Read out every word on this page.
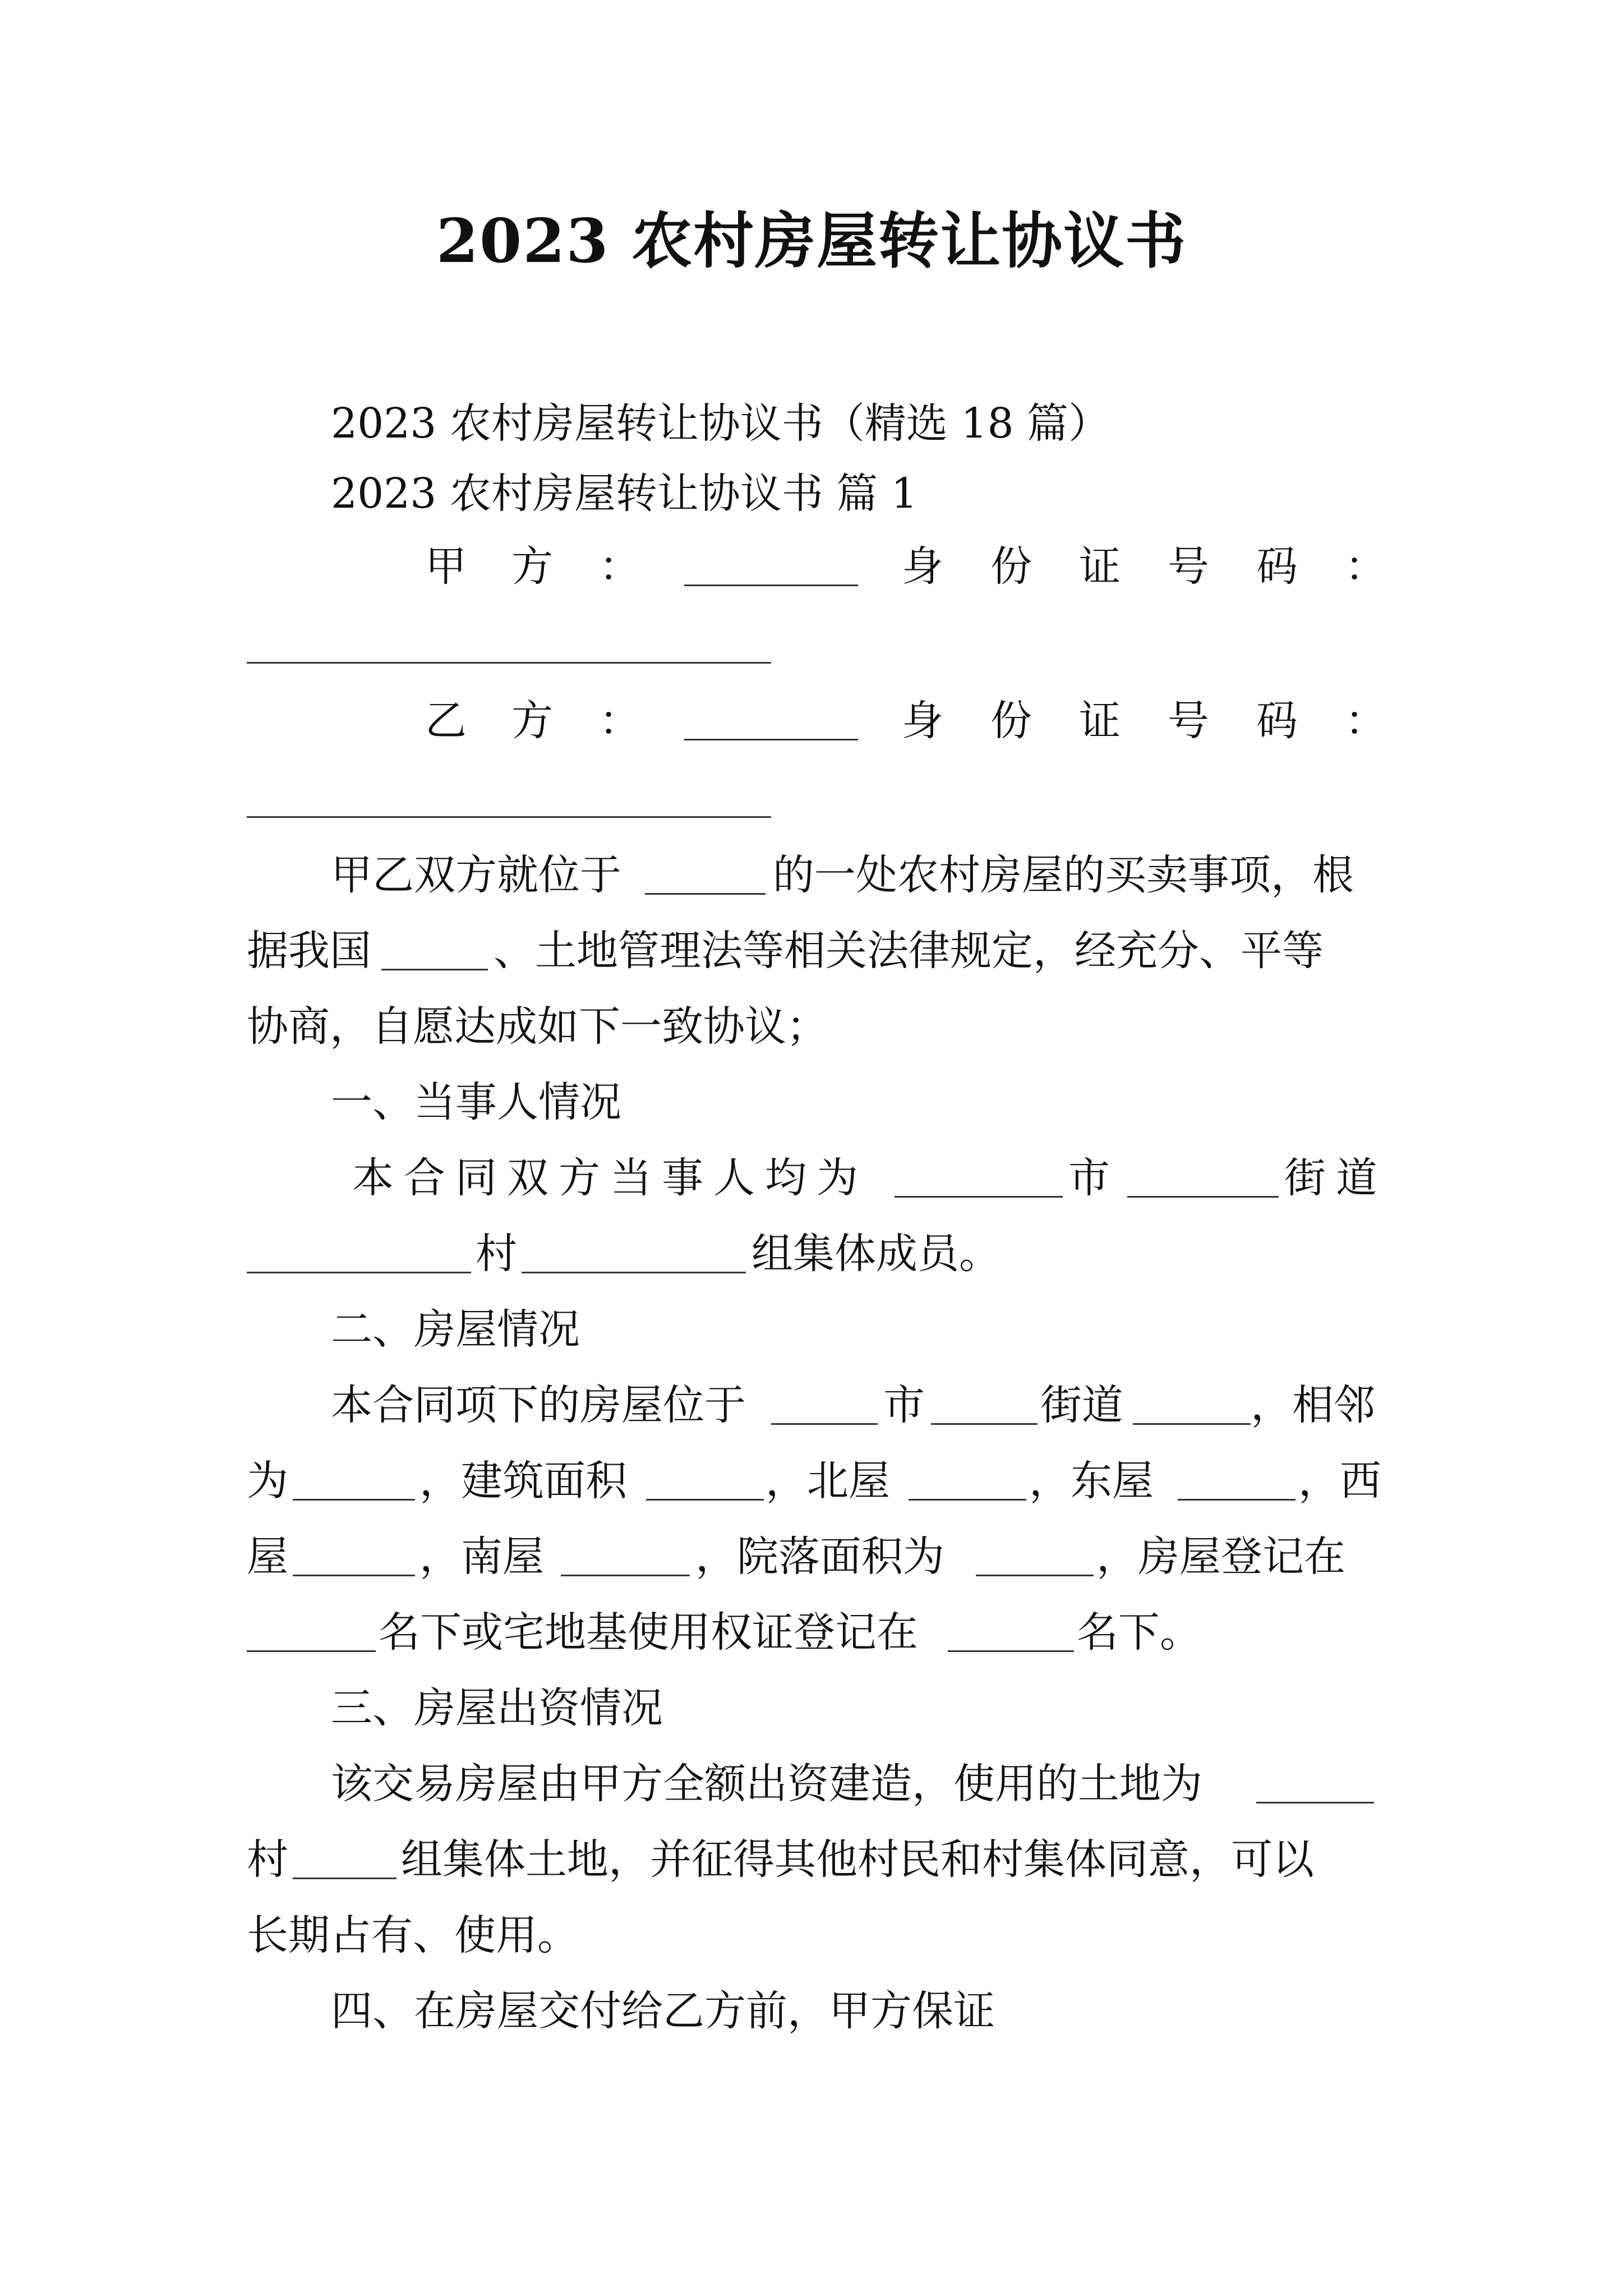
2023 农村房屋转让协议书

2023 农村房屋转让协议书（精选 18 篇）

2023 农村房屋转让协议书 篇 1

甲

方

：

	身

份

证

号

码

：

乙

方

：

	身

份

证

号

码

：

甲乙双方就位于

	的一处农村房屋的买卖事项，根

据我国

	、土地管理法等相关法律规定，经充分、平等

协商，自愿达成如下一致协议；

一、当事人情况

本合同双方当事人均为

	市

	街道

村

	组集体成员。

二、房屋情况

本合同项下的房屋位于

	市

	街道

	，相邻

为

	，建筑面积

	，北屋

	，东屋

	，西

屋

	，南屋

	，院落面积为

	，房屋登记在

名下或宅地基使用权证登记在

	名下。

三、房屋出资情况

该交易房屋由甲方全额出资建造，使用的土地为

村

	组集体土地，并征得其他村民和村集体同意，可以

长期占有、使用。

四、在房屋交付给乙方前，甲方保证
